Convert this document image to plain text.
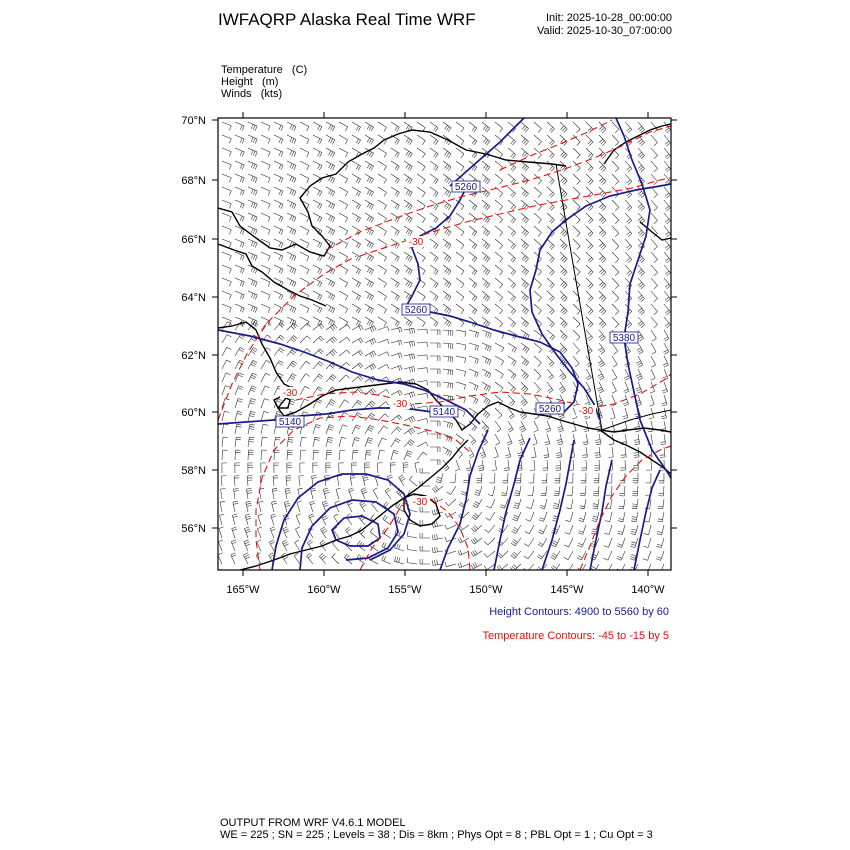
IWFAQRP Alaska Real Time WRF	Init: 2025-10-28_00:00:00
Valid: 2025-10-30_07:00:00
Temperature   (C)
Height   (m)
Winds   (kts)
5260
5260
5380
5140
5140	5260
-30
-30
-30
-30
-30
70°N
68°N
66°N
64°N
62°N
60°N
58°N
56°N
165°W	160°W	155°W	150°W	145°W	140°W
Height Contours: 4900 to 5560 by 60
Temperature Contours: -45 to -15 by 5
OUTPUT FROM WRF V4.6.1 MODEL
WE = 225 ; SN = 225 ; Levels = 38 ; Dis = 8km ; Phys Opt = 8 ; PBL Opt = 1 ; Cu Opt = 3
